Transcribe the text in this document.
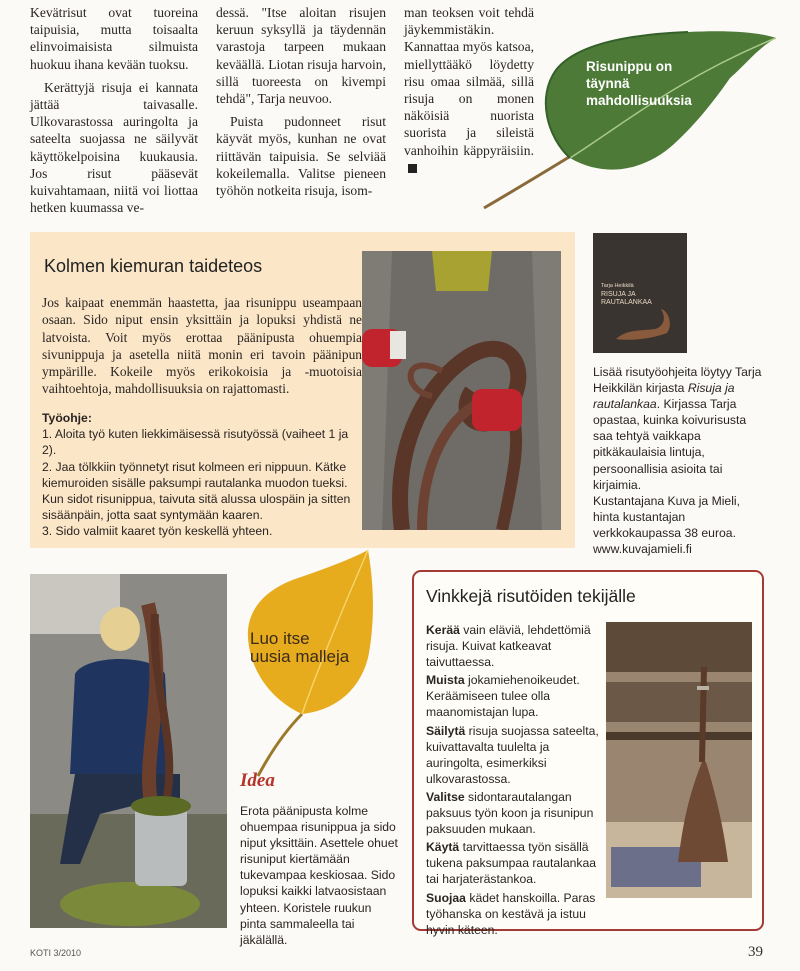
Kevätrisut ovat tuoreina taipuisia, mutta toisaalta elinvoimaisista silmuista huokuu ihana kevään tuoksu.

Kerättyjä risuja ei kannata jättää taivasalle. Ulkovarastossa auringolta ja sateelta suojassa ne säilyvät käyttökelpoisina kuukausia. Jos risut pääsevät kuivahtamaan, niitä voi liottaa hetken kuumassa ve-

dessä. "Itse aloitan risujen keruun syksyllä ja täydennän varastoja tarpeen mukaan keväällä. Liotan risuja harvoin, sillä tuoreesta on kivempi tehdä", Tarja neuvoo.

Puista pudonneet risut käyvät myös, kunhan ne ovat riittävän taipuisia. Se selviää kokeilemalla. Valitse pieneen työhön notkeita risuja, isom-

man teoksen voit tehdä jäykemmistäkin. Kannattaa myös katsoa, miellyttääkö löydetty risu omaa silmää, sillä risuja on monen näköisiä nuorista suorista ja sileistä vanhoihin käppyräisiin.

Risunippu on täynnä mahdollisuuksia
Kolmen kiemuran taideteos

Jos kaipaat enemmän haastetta, jaa risunippu useampaan osaan. Sido niput ensin yksittäin ja lopuksi yhdistä ne latvoista. Voit myös erottaa päänipusta ohuempia sivunippuja ja asetella niitä monin eri tavoin päänipun ympärille. Kokeile myös erikokoisia ja -muotoisia vaihtoehtoja, mahdollisuuksia on rajattomasti.

Työohje:
1. Aloita työ kuten liekkimäisessä risutyössä (vaiheet 1 ja 2).
2. Jaa tölkkiin työnnetyt risut kolmeen eri nippuun. Kätke kiemuroiden sisälle paksumpi rautalanka muodon tueksi. Kun sidot risunippua, taivuta sitä alussa ulospäin ja sitten sisäänpäin, jotta saat syntymään kaaren.
3. Sido valmiit kaaret työn keskellä yhteen.
Tarja Heikkilä
RISUJA JA RAUTALANKAA
Lisää risutyöohjeita löytyy Tarja Heikkilän kirjasta Risuja ja rautalankaa. Kirjassa Tarja opastaa, kuinka koivurisusta saa tehtyä vaikkapa pitkäkaulaisia lintuja, persoonallisia asioita tai kirjaimia.
Kustantajana Kuva ja Mieli, hinta kustantajan verkkokaupassa 38 euroa.
www.kuvajamieli.fi
Luo itse uusia malleja
Idea
Erota päänipusta kolme ohuempaa risunippua ja sido niput yksittäin. Asettele ohuet risuniput kiertämään tukevampaa keskiosaa. Sido lopuksi kaikki latvaosistaan yhteen. Koristele ruukun pinta sammaleella tai jäkälällä.
Vinkkejä risutöiden tekijälle

Kerää vain eläviä, lehdettömiä risuja. Kuivat katkeavat taivuttaessa.

Muista jokamiehenoikeudet. Keräämiseen tulee olla maanomistajan lupa.

Säilytä risuja suojassa sateelta, kuivattavalta tuulelta ja auringolta, esimerkiksi ulkovarastossa.

Valitse sidontarautalangan paksuus työn koon ja risunipun paksuuden mukaan.

Käytä tarvittaessa työn sisällä tukena paksumpaa rautalankaa tai harjaterästankoa.

Suojaa kädet hanskoilla. Paras työhanska on kestävä ja istuu hyvin käteen.

KOTI 3/2010	39
